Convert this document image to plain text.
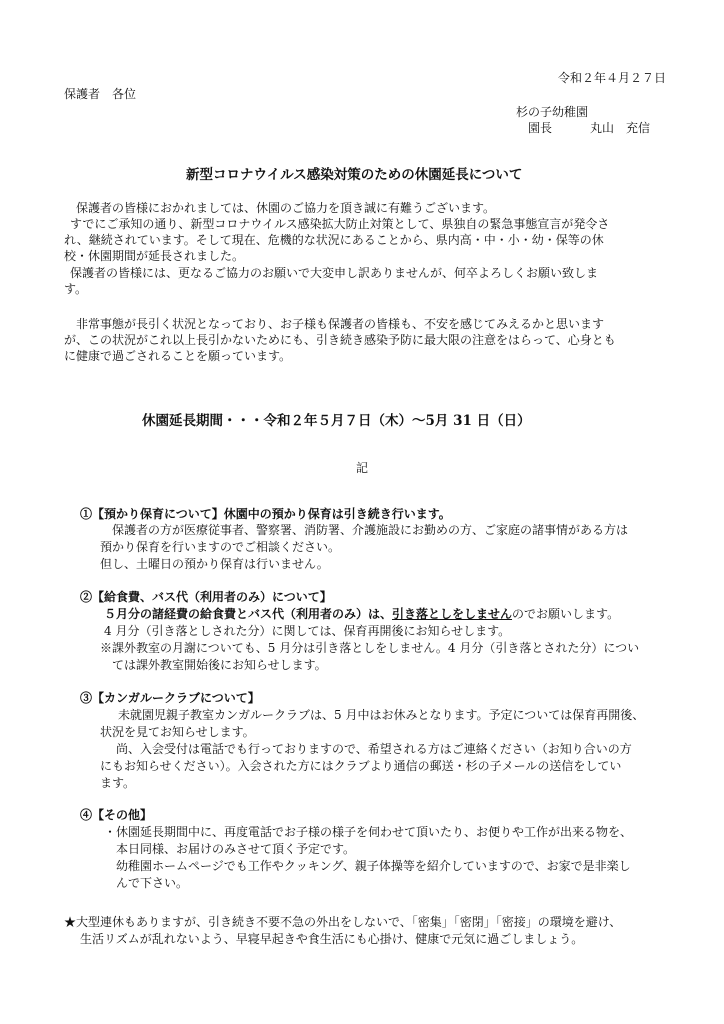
令和２年４月２７日
保護者　各位
杉の子幼稚園
園長	丸山　充信
新型コロナウイルス感染対策のための休園延長について
保護者の皆様におかれましては、休園のご協力を頂き誠に有難うございます。
すでにご承知の通り、新型コロナウイルス感染拡大防止対策として、県独自の緊急事態宣言が発令さ
れ、継続されています。そして現在、危機的な状況にあることから、県内高・中・小・幼・保等の休
校・休園期間が延長されました。
保護者の皆様には、更なるご協力のお願いで大変申し訳ありませんが、何卒よろしくお願い致しま
す。
非常事態が長引く状況となっており、お子様も保護者の皆様も、不安を感じてみえるかと思います
が、この状況がこれ以上長引かないためにも、引き続き感染予防に最大限の注意をはらって、心身とも
に健康で過ごされることを願っています。
休園延長期間・・・令和２年５月７日（木）～5月 31 日（日）
記
①【預かり保育について】休園中の預かり保育は引き続き行います。
保護者の方が医療従事者、警察署、消防署、介護施設にお勤めの方、ご家庭の諸事情がある方は
預かり保育を行いますのでご相談ください。
但し、土曜日の預かり保育は行いません。
②【給食費、バス代（利用者のみ）について】
５月分の諸経費の給食費とバス代（利用者のみ）は、引き落としをしませんのでお願いします。
4 月分（引き落としされた分）に関しては、保育再開後にお知らせします。
※課外教室の月謝についても、5 月分は引き落としをしません。4 月分（引き落とされた分）につい
ては課外教室開始後にお知らせします。
③【カンガルークラブについて】
未就園児親子教室カンガルークラブは、5 月中はお休みとなります。予定については保育再開後、
状況を見てお知らせします。
尚、入会受付は電話でも行っておりますので、希望される方はご連絡ください（お知り合いの方
にもお知らせください）。入会された方にはクラブより通信の郵送・杉の子メールの送信をしてい
ます。
④【その他】
・休園延長期間中に、再度電話でお子様の様子を伺わせて頂いたり、お便りや工作が出来る物を、
本日同様、お届けのみさせて頂く予定です。
幼稚園ホームページでも工作やクッキング、親子体操等を紹介していますので、お家で是非楽し
んで下さい。
★大型連休もありますが、引き続き不要不急の外出をしないで、「密集」「密閉」「密接」の環境を避け、
生活リズムが乱れないよう、早寝早起きや食生活にも心掛け、健康で元気に過ごしましょう。
